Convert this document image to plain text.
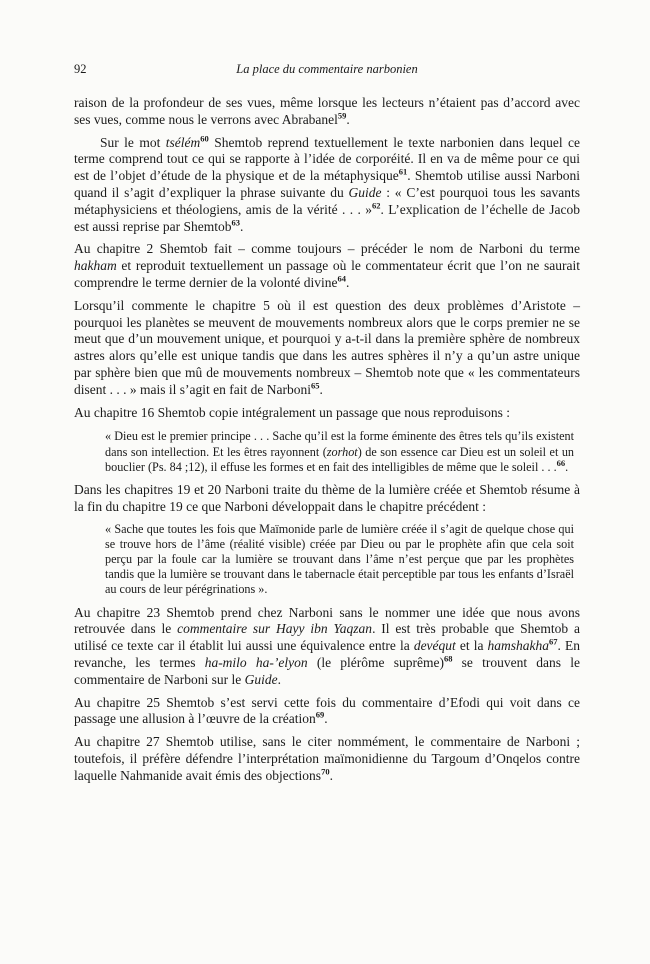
92	La place du commentaire narbonien

raison de la profondeur de ses vues, même lorsque les lecteurs n’étaient pas d’accord avec ses vues, comme nous le verrons avec Abrabanel$^{59}$.

Sur le mot tsélém$^{60}$ Shemtob reprend textuellement le texte narbonien dans lequel ce terme comprend tout ce qui se rapporte à l’idée de corporéité. Il en va de même pour ce qui est de l’objet d’étude de la physique et de la métaphysique$^{61}$. Shemtob utilise aussi Narboni quand il s’agit d’expliquer la phrase suivante du Guide : « C’est pourquoi tous les savants métaphysiciens et théologiens, amis de la vérité . . . »$^{62}$. L’explication de l’échelle de Jacob est aussi reprise par Shemtob$^{63}$.

Au chapitre 2 Shemtob fait – comme toujours – précéder le nom de Narboni du terme hakham et reproduit textuellement un passage où le commentateur écrit que l’on ne saurait comprendre le terme dernier de la volonté divine$^{64}$.

Lorsqu’il commente le chapitre 5 où il est question des deux problèmes d’Aristote – pourquoi les planètes se meuvent de mouvements nombreux alors que le corps premier ne se meut que d’un mouvement unique, et pourquoi y a-t-il dans la première sphère de nombreux astres alors qu’elle est unique tandis que dans les autres sphères il n’y a qu’un astre unique par sphère bien que mû de mouvements nombreux – Shemtob note que « les commentateurs disent . . . » mais il s’agit en fait de Narboni$^{65}$.

Au chapitre 16 Shemtob copie intégralement un passage que nous reproduisons :

« Dieu est le premier principe . . . Sache qu’il est la forme éminente des êtres tels qu’ils existent dans son intellection. Et les êtres rayonnent (zorhot) de son essence car Dieu est un soleil et un bouclier (Ps. 84 ;12), il effuse les formes et en fait des intelligibles de même que le soleil . . .$^{66}$.

Dans les chapitres 19 et 20 Narboni traite du thème de la lumière créée et Shemtob résume à la fin du chapitre 19 ce que Narboni développait dans le chapitre précédent :

« Sache que toutes les fois que Maïmonide parle de lumière créée il s’agit de quelque chose qui se trouve hors de l’âme (réalité visible) créée par Dieu ou par le prophète afin que cela soit perçu par la foule car la lumière se trouvant dans l’âme n’est perçue que par les prophètes tandis que la lumière se trouvant dans le tabernacle était perceptible par tous les enfants d’Israël au cours de leur pérégrinations ».

Au chapitre 23 Shemtob prend chez Narboni sans le nommer une idée que nous avons retrouvée dans le commentaire sur Hayy ibn Yaqzan. Il est très probable que Shemtob a utilisé ce texte car il établit lui aussi une équivalence entre la devéqut et la hamshakha$^{67}$. En revanche, les termes ha-milo ha-’elyon (le plérôme suprême)$^{68}$ se trouvent dans le commentaire de Narboni sur le Guide.

Au chapitre 25 Shemtob s’est servi cette fois du commentaire d’Efodi qui voit dans ce passage une allusion à l’œuvre de la création$^{69}$.

Au chapitre 27 Shemtob utilise, sans le citer nommément, le commentaire de Narboni ; toutefois, il préfère défendre l’interprétation maïmonidienne du Targoum d’Onqelos contre laquelle Nahmanide avait émis des objections$^{70}$.
